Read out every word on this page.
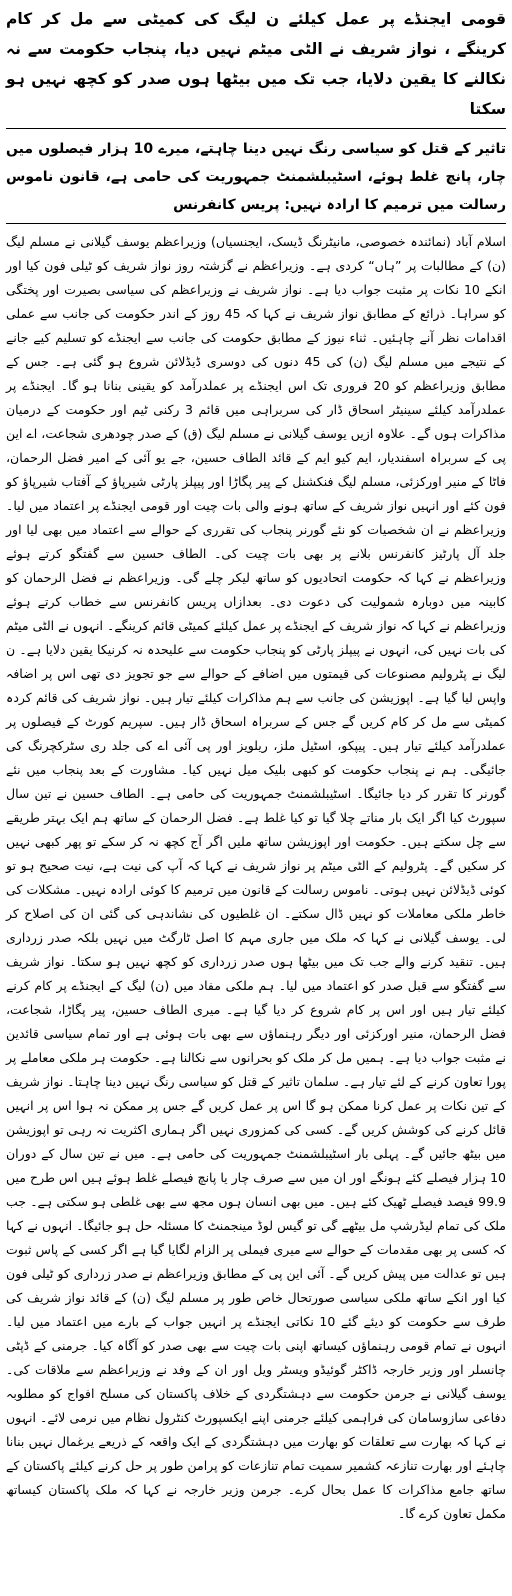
قومی ایجنڈے پر عمل کیلئے ن لیگ کی کمیٹی سے مل کر کام کرینگے ، نواز شریف نے الٹی میٹم نہیں دیا، پنجاب حکومت سے نہ نکالنے کا یقین دلایا، جب تک میں بیٹھا ہوں صدر کو کچھ نہیں ہو سکتا
تاثیر کے قتل کو سیاسی رنگ نہیں دینا چاہتے، میرے 10 ہزار فیصلوں میں چار، پانچ غلط ہوئے، اسٹیبلشمنٹ جمہوریت کی حامی ہے، قانون ناموس رسالت میں ترمیم کا ارادہ نہیں: پریس کانفرنس

اسلام آباد (نمائندہ خصوصی، مانیٹرنگ ڈیسک، ایجنسیاں) وزیراعظم یوسف گیلانی نے مسلم لیگ (ن) کے مطالبات پر ”ہاں“ کردی ہے۔ وزیراعظم نے گزشتہ روز نواز شریف کو ٹیلی فون کیا اور انکے 10 نکات پر مثبت جواب دیا ہے۔ نواز شریف نے وزیراعظم کی سیاسی بصیرت اور پختگی کو سراہا۔ ذرائع کے مطابق نواز شریف نے کہا کہ 45 روز کے اندر حکومت کی جانب سے عملی اقدامات نظر آنے چاہئیں۔ ثناء نیوز کے مطابق حکومت کی جانب سے ایجنڈے کو تسلیم کیے جانے کے نتیجے میں مسلم لیگ (ن) کی 45 دنوں کی دوسری ڈیڈلائن شروع ہو گئی ہے۔ جس کے مطابق وزیراعظم کو 20 فروری تک اس ایجنڈے پر عملدرآمد کو یقینی بنانا ہو گا۔ ایجنڈے پر عملدرآمد کیلئے سینیٹر اسحاق ڈار کی سربراہی میں قائم 3 رکنی ٹیم اور حکومت کے درمیان مذاکرات ہوں گے۔ علاوہ ازیں یوسف گیلانی نے مسلم لیگ (ق) کے صدر چودھری شجاعت، اے این پی کے سربراہ اسفندیار، ایم کیو ایم کے قائد الطاف حسین، جے یو آئی کے امیر فضل الرحمان، فاٹا کے منیر اورکزئی، مسلم لیگ فنکشنل کے پیر پگاڑا اور پیپلز پارٹی شیرپاؤ کے آفتاب شیرپاؤ کو فون کئے اور انہیں نواز شریف کے ساتھ ہونے والی بات چیت اور قومی ایجنڈے پر اعتماد میں لیا۔ وزیراعظم نے ان شخصیات کو نئے گورنر پنجاب کی تقرری کے حوالے سے اعتماد میں بھی لیا اور جلد آل پارٹیز کانفرنس بلانے پر بھی بات چیت کی۔ الطاف حسین سے گفتگو کرتے ہوئے وزیراعظم نے کہا کہ حکومت اتحادیوں کو ساتھ لیکر چلے گی۔ وزیراعظم نے فضل الرحمان کو کابینہ میں دوبارہ شمولیت کی دعوت دی۔ بعدازاں پریس کانفرنس سے خطاب کرتے ہوئے وزیراعظم نے کہا کہ نواز شریف کے ایجنڈے پر عمل کیلئے کمیٹی قائم کرینگے۔ انہوں نے الٹی میٹم کی بات نہیں کی، انہوں نے پیپلز پارٹی کو پنجاب حکومت سے علیحدہ نہ کرنیکا یقین دلایا ہے۔ ن لیگ نے پٹرولیم مصنوعات کی قیمتوں میں اضافے کے حوالے سے جو تجویز دی تھی اس پر اضافہ واپس لیا گیا ہے۔ اپوزیشن کی جانب سے ہم مذاکرات کیلئے تیار ہیں۔ نواز شریف کی قائم کردہ کمیٹی سے مل کر کام کریں گے جس کے سربراہ اسحاق ڈار ہیں۔ سپریم کورٹ کے فیصلوں پر عملدرآمد کیلئے تیار ہیں۔ پیپکو، اسٹیل ملز، ریلویز اور پی آئی اے کی جلد ری سٹرکچرنگ کی جائیگی۔ ہم نے پنجاب حکومت کو کبھی بلیک میل نہیں کیا۔ مشاورت کے بعد پنجاب میں نئے گورنر کا تقرر کر دیا جائیگا۔ اسٹیبلشمنٹ جمہوریت کی حامی ہے۔ الطاف حسین نے تین سال سپورٹ کیا اگر ایک بار مناتے چلا گیا تو کیا غلط ہے۔ فضل الرحمان کے ساتھ ہم ایک بہتر طریقے سے چل سکتے ہیں۔ حکومت اور اپوزیشن ساتھ ملیں اگر آج کچھ نہ کر سکے تو پھر کبھی نہیں کر سکیں گے۔ پٹرولیم کے الٹی میٹم پر نواز شریف نے کہا کہ آپ کی نیت ہے، نیت صحیح ہو تو کوئی ڈیڈلائن نہیں ہوتی۔ ناموس رسالت کے قانون میں ترمیم کا کوئی ارادہ نہیں۔ مشکلات کی خاطر ملکی معاملات کو نہیں ڈال سکتے۔ ان غلطیوں کی نشاندہی کی گئی ان کی اصلاح کر لی۔ یوسف گیلانی نے کہا کہ ملک میں جاری مہم کا اصل ٹارگٹ میں نہیں بلکہ صدر زرداری ہیں۔ تنقید کرنے والے جب تک میں بیٹھا ہوں صدر زرداری کو کچھ نہیں ہو سکتا۔ نواز شریف سے گفتگو سے قبل صدر کو اعتماد میں لیا۔ ہم ملکی مفاد میں (ن) لیگ کے ایجنڈے پر کام کرنے کیلئے تیار ہیں اور اس پر کام شروع کر دیا گیا ہے۔ میری الطاف حسین، پیر پگاڑا، شجاعت، فضل الرحمان، منیر اورکزئی اور دیگر رہنماؤں سے بھی بات ہوئی ہے اور تمام سیاسی قائدین نے مثبت جواب دیا ہے۔ ہمیں مل کر ملک کو بحرانوں سے نکالنا ہے۔ حکومت ہر ملکی معاملے پر پورا تعاون کرنے کے لئے تیار ہے۔ سلمان تاثیر کے قتل کو سیاسی رنگ نہیں دینا چاہتا۔ نواز شریف کے تین نکات پر عمل کرنا ممکن ہو گا اس پر عمل کریں گے جس پر ممکن نہ ہوا اس پر انہیں قائل کرنے کی کوشش کریں گے۔ کسی کی کمزوری نہیں اگر ہماری اکثریت نہ رہی تو اپوزیشن میں بیٹھ جائیں گے۔ پہلی بار اسٹیبلشمنٹ جمہوریت کی حامی ہے۔ میں نے تین سال کے دوران 10 ہزار فیصلے کئے ہونگے اور ان میں سے صرف چار یا پانچ فیصلے غلط ہوئے ہیں اس طرح میں 99.9 فیصد فیصلے ٹھیک کئے ہیں۔ میں بھی انسان ہوں مجھ سے بھی غلطی ہو سکتی ہے۔ جب ملک کی تمام لیڈرشپ مل بیٹھے گی تو گیس لوڈ مینجمنٹ کا مسئلہ حل ہو جائیگا۔ انہوں نے کہا کہ کسی پر بھی مقدمات کے حوالے سے میری فیملی پر الزام لگایا گیا ہے اگر کسی کے پاس ثبوت ہیں تو عدالت میں پیش کریں گے۔ آئی این پی کے مطابق وزیراعظم نے صدر زرداری کو ٹیلی فون کیا اور انکے ساتھ ملکی سیاسی صورتحال خاص طور پر مسلم لیگ (ن) کے قائد نواز شریف کی طرف سے حکومت کو دیئے گئے 10 نکاتی ایجنڈے پر انہیں جواب کے بارے میں اعتماد میں لیا۔ انہوں نے تمام قومی رہنماؤں کیساتھ اپنی بات چیت سے بھی صدر کو آگاہ کیا۔ جرمنی کے ڈپٹی چانسلر اور وزیر خارجہ ڈاکٹر گوئیڈو ویسٹر ویل اور ان کے وفد نے وزیراعظم سے ملاقات کی۔ یوسف گیلانی نے جرمن حکومت سے دہشتگردی کے خلاف پاکستان کی مسلح افواج کو مطلوبہ دفاعی سازوسامان کی فراہمی کیلئے جرمنی اپنے ایکسپورٹ کنٹرول نظام میں نرمی لائے۔ انہوں نے کہا کہ بھارت سے تعلقات کو بھارت میں دہشتگردی کے ایک واقعہ کے ذریعے یرغمال نہیں بنانا چاہئے اور بھارت تنازعہ کشمیر سمیت تمام تنازعات کو پرامن طور پر حل کرنے کیلئے پاکستان کے ساتھ جامع مذاکرات کا عمل بحال کرے۔ جرمن وزیر خارجہ نے کہا کہ ملک پاکستان کیساتھ مکمل تعاون کرے گا۔
